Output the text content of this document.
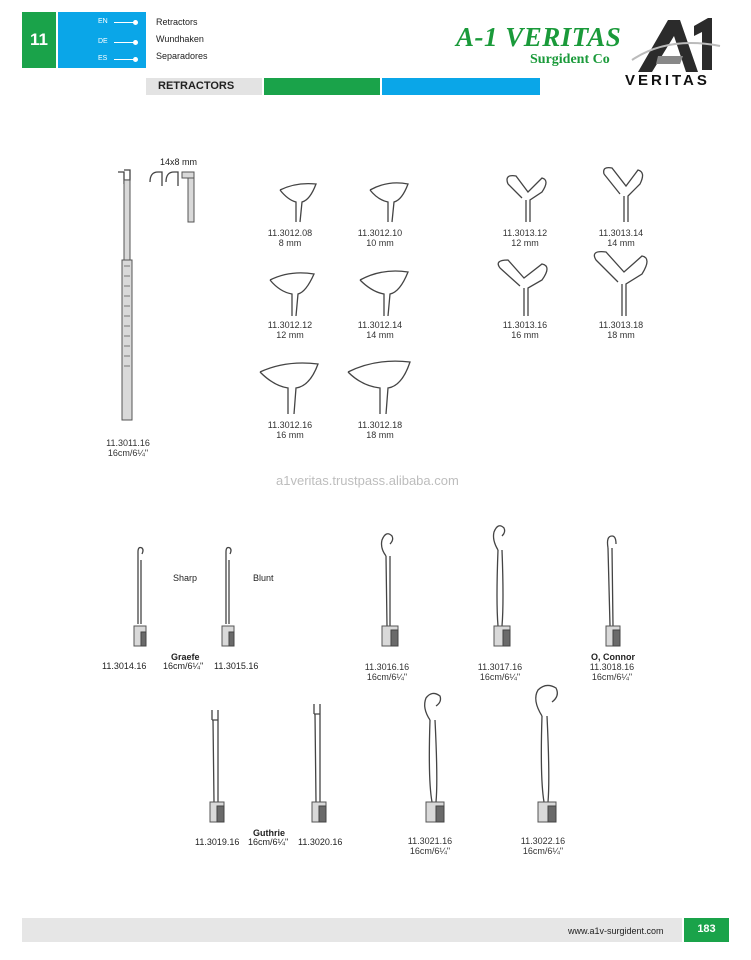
11
EN	Retractors
DE	Wundhaken
ES	Separadores
A-1 VERITAS
Surgident Co
VERITAS
RETRACTORS
14x8 mm
11.3011.16
16cm/6¼"
11.3012.08
8 mm
11.3012.10
10 mm
11.3012.12
12 mm
11.3012.14
14 mm
11.3012.16
16 mm
11.3012.18
18 mm
11.3013.12
12 mm
11.3013.14
14 mm
11.3013.16
16 mm
11.3013.18
18 mm
a1veritas.trustpass.alibaba.com
Sharp	Blunt
Graefe
11.3014.16 16cm/6¼" 11.3015.16	11.3016.16
16cm/6¼"
11.3017.16
16cm/6¼"
O, Connor
11.3018.16
16cm/6¼"
Guthrie
11.3019.16 16cm/6¼" 11.3020.16	11.3021.16
16cm/6¼"
11.3022.16
16cm/6¼"
www.a1v-surgident.com	183
